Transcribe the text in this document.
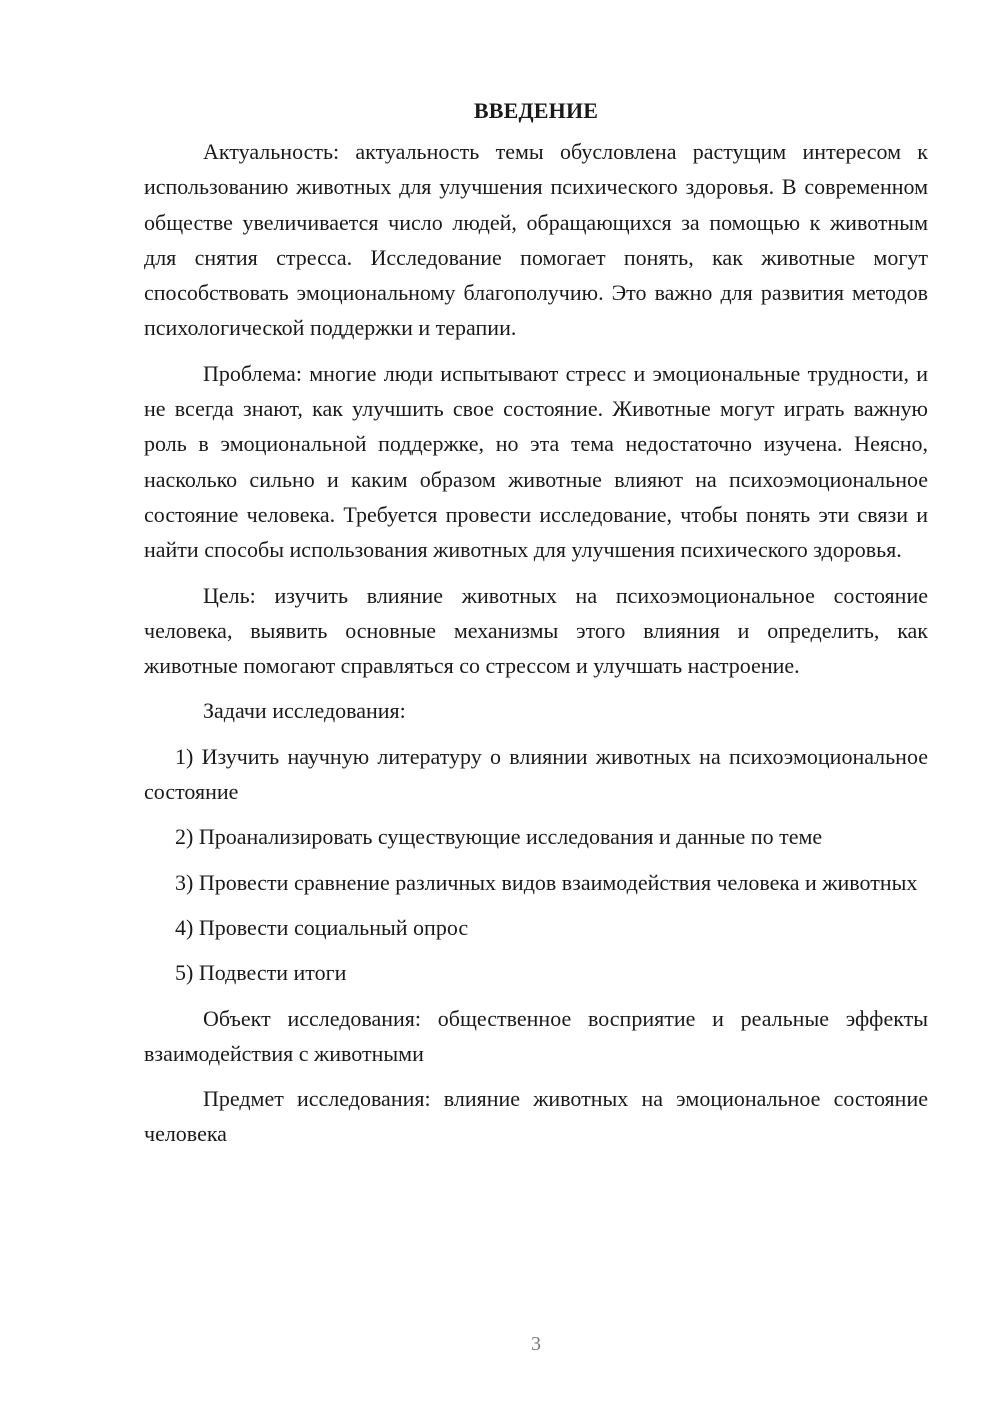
ВВЕДЕНИЕ

Актуальность: актуальность темы обусловлена растущим интересом к использованию животных для улучшения психического здоровья. В современном обществе увеличивается число людей, обращающихся за помощью к животным для снятия стресса. Исследование помогает понять, как животные могут способствовать эмоциональному благополучию. Это важно для развития методов психологической поддержки и терапии.

Проблема: многие люди испытывают стресс и эмоциональные трудности, и не всегда знают, как улучшить свое состояние. Животные могут играть важную роль в эмоциональной поддержке, но эта тема недостаточно изучена. Неясно, насколько сильно и каким образом животные влияют на психоэмоциональное состояние человека. Требуется провести исследование, чтобы понять эти связи и найти способы использования животных для улучшения психического здоровья.

Цель: изучить влияние животных на психоэмоциональное состояние человека, выявить основные механизмы этого влияния и определить, как животные помогают справляться со стрессом и улучшать настроение.

Задачи исследования:

1) Изучить научную литературу о влиянии животных на психоэмоциональное состояние

2) Проанализировать существующие исследования и данные по теме

3) Провести сравнение различных видов взаимодействия человека и животных

4) Провести социальный опрос

5) Подвести итоги

Объект исследования: общественное восприятие и реальные эффекты взаимодействия с животными

Предмет исследования: влияние животных на эмоциональное состояние человека

3
